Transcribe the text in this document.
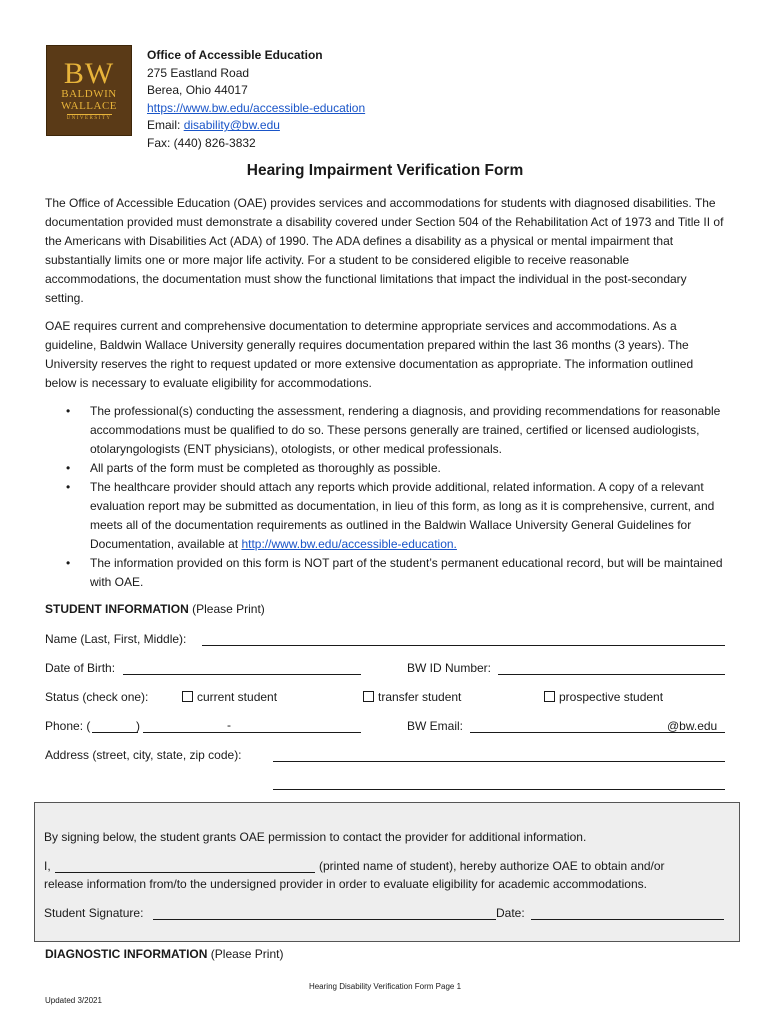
BW
BALDWIN
WALLACE
UNIVERSITY
Office of Accessible Education
275 Eastland Road
Berea, Ohio 44017
https://www.bw.edu/accessible-education
Email: disability@bw.edu
Fax: (440) 826-3832
Hearing Impairment Verification Form
The Office of Accessible Education (OAE) provides services and accommodations for students with diagnosed disabilities. The documentation provided must demonstrate a disability covered under Section 504 of the Rehabilitation Act of 1973 and Title II of the Americans with Disabilities Act (ADA) of 1990. The ADA defines a disability as a physical or mental impairment that substantially limits one or more major life activity. For a student to be considered eligible to receive reasonable accommodations, the documentation must show the functional limitations that impact the individual in the post-secondary setting.
OAE requires current and comprehensive documentation to determine appropriate services and accommodations. As a guideline, Baldwin Wallace University generally requires documentation prepared within the last 36 months (3 years). The University reserves the right to request updated or more extensive documentation as appropriate. The information outlined below is necessary to evaluate eligibility for accommodations.
• The professional(s) conducting the assessment, rendering a diagnosis, and providing recommendations for reasonable accommodations must be qualified to do so. These persons generally are trained, certified or licensed audiologists, otolaryngologists (ENT physicians), otologists, or other medical professionals.
• All parts of the form must be completed as thoroughly as possible.
• The healthcare provider should attach any reports which provide additional, related information. A copy of a relevant evaluation report may be submitted as documentation, in lieu of this form, as long as it is comprehensive, current, and meets all of the documentation requirements as outlined in the Baldwin Wallace University General Guidelines for Documentation, available at http://www.bw.edu/accessible-education.
• The information provided on this form is NOT part of the student’s permanent educational record, but will be maintained with OAE.
STUDENT INFORMATION (Please Print)
Name (Last, First, Middle):
Date of Birth:	BW ID Number:
Status (check one):	current student	transfer student	prospective student
Phone: (	)	-	BW Email:	@bw.edu
Address (street, city, state, zip code):
By signing below, the student grants OAE permission to contact the provider for additional information.
I,	(printed name of student), hereby authorize OAE to obtain and/or
release information from/to the undersigned provider in order to evaluate eligibility for academic accommodations.
Student Signature:	Date:
DIAGNOSTIC INFORMATION (Please Print)
Hearing Disability Verification Form Page 1
Updated 3/2021
